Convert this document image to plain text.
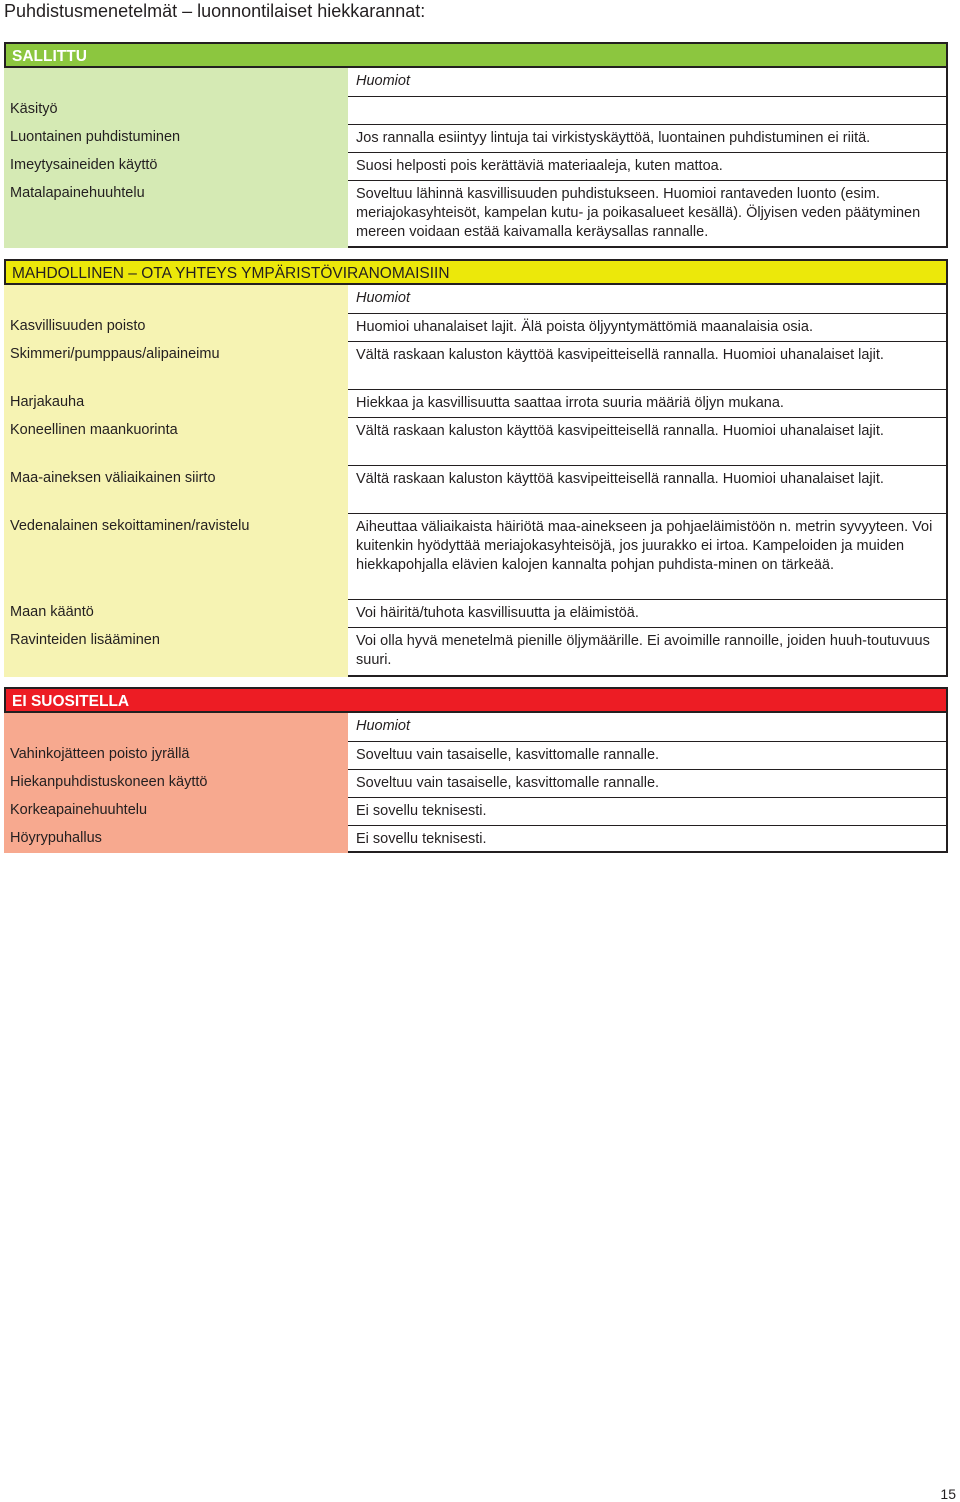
Puhdistusmenetelmät – luonnontilaiset hiekkarannat:
SALLITTU
Käsityö
Luontainen puhdistuminen
Imeytysaineiden käyttö
Matalapainehuuhtelu
Huomiot
Jos rannalla esiintyy lintuja tai virkistyskäyttöä, luontainen puhdistuminen ei riitä.
Suosi helposti pois kerättäviä materiaaleja, kuten mattoa.
Soveltuu lähinnä kasvillisuuden puhdistukseen. Huomioi rantaveden luonto (esim. meriajokasyhteisöt, kampelan kutu- ja poikasalueet kesällä). Öljyisen veden päätyminen mereen voidaan estää kaivamalla keräysallas rannalle.
MAHDOLLINEN – OTA YHTEYS YMPÄRISTÖVIRANOMAISIIN
Kasvillisuuden poisto
Skimmeri/pumppaus/alipaineimu
Harjakauha
Koneellinen maankuorinta
Maa-aineksen väliaikainen siirto
Vedenalainen sekoittaminen/ravistelu
Maan kääntö
Ravinteiden lisääminen
Huomiot
Huomioi uhanalaiset lajit. Älä poista öljyyntymättömiä maanalaisia osia.
Vältä raskaan kaluston käyttöä kasvipeitteisellä rannalla. Huomioi uhanalaiset lajit.
Hiekkaa ja kasvillisuutta saattaa irrota suuria määriä öljyn mukana.
Vältä raskaan kaluston käyttöä kasvipeitteisellä rannalla. Huomioi uhanalaiset lajit.
Vältä raskaan kaluston käyttöä kasvipeitteisellä rannalla. Huomioi uhanalaiset lajit.
Aiheuttaa väliaikaista häiriötä maa-ainekseen ja pohjaeläimistöön n. metrin syvyyteen. Voi kuitenkin hyödyttää meriajokasyhteisöjä, jos juurakko ei irtoa. Kampeloiden ja muiden hiekkapohjalla elävien kalojen kannalta pohjan puhdista-minen on tärkeää.
Voi häiritä/tuhota kasvillisuutta ja eläimistöä.
Voi olla hyvä menetelmä pienille öljymäärille. Ei avoimille rannoille, joiden huuh-toutuvuus suuri.
EI SUOSITELLA
Vahinkojätteen poisto jyrällä
Hiekanpuhdistuskoneen käyttö
Korkeapainehuuhtelu
Höyrypuhallus
Huomiot
Soveltuu vain tasaiselle, kasvittomalle rannalle.
Soveltuu vain tasaiselle, kasvittomalle rannalle.
Ei sovellu teknisesti.
Ei sovellu teknisesti.
15
